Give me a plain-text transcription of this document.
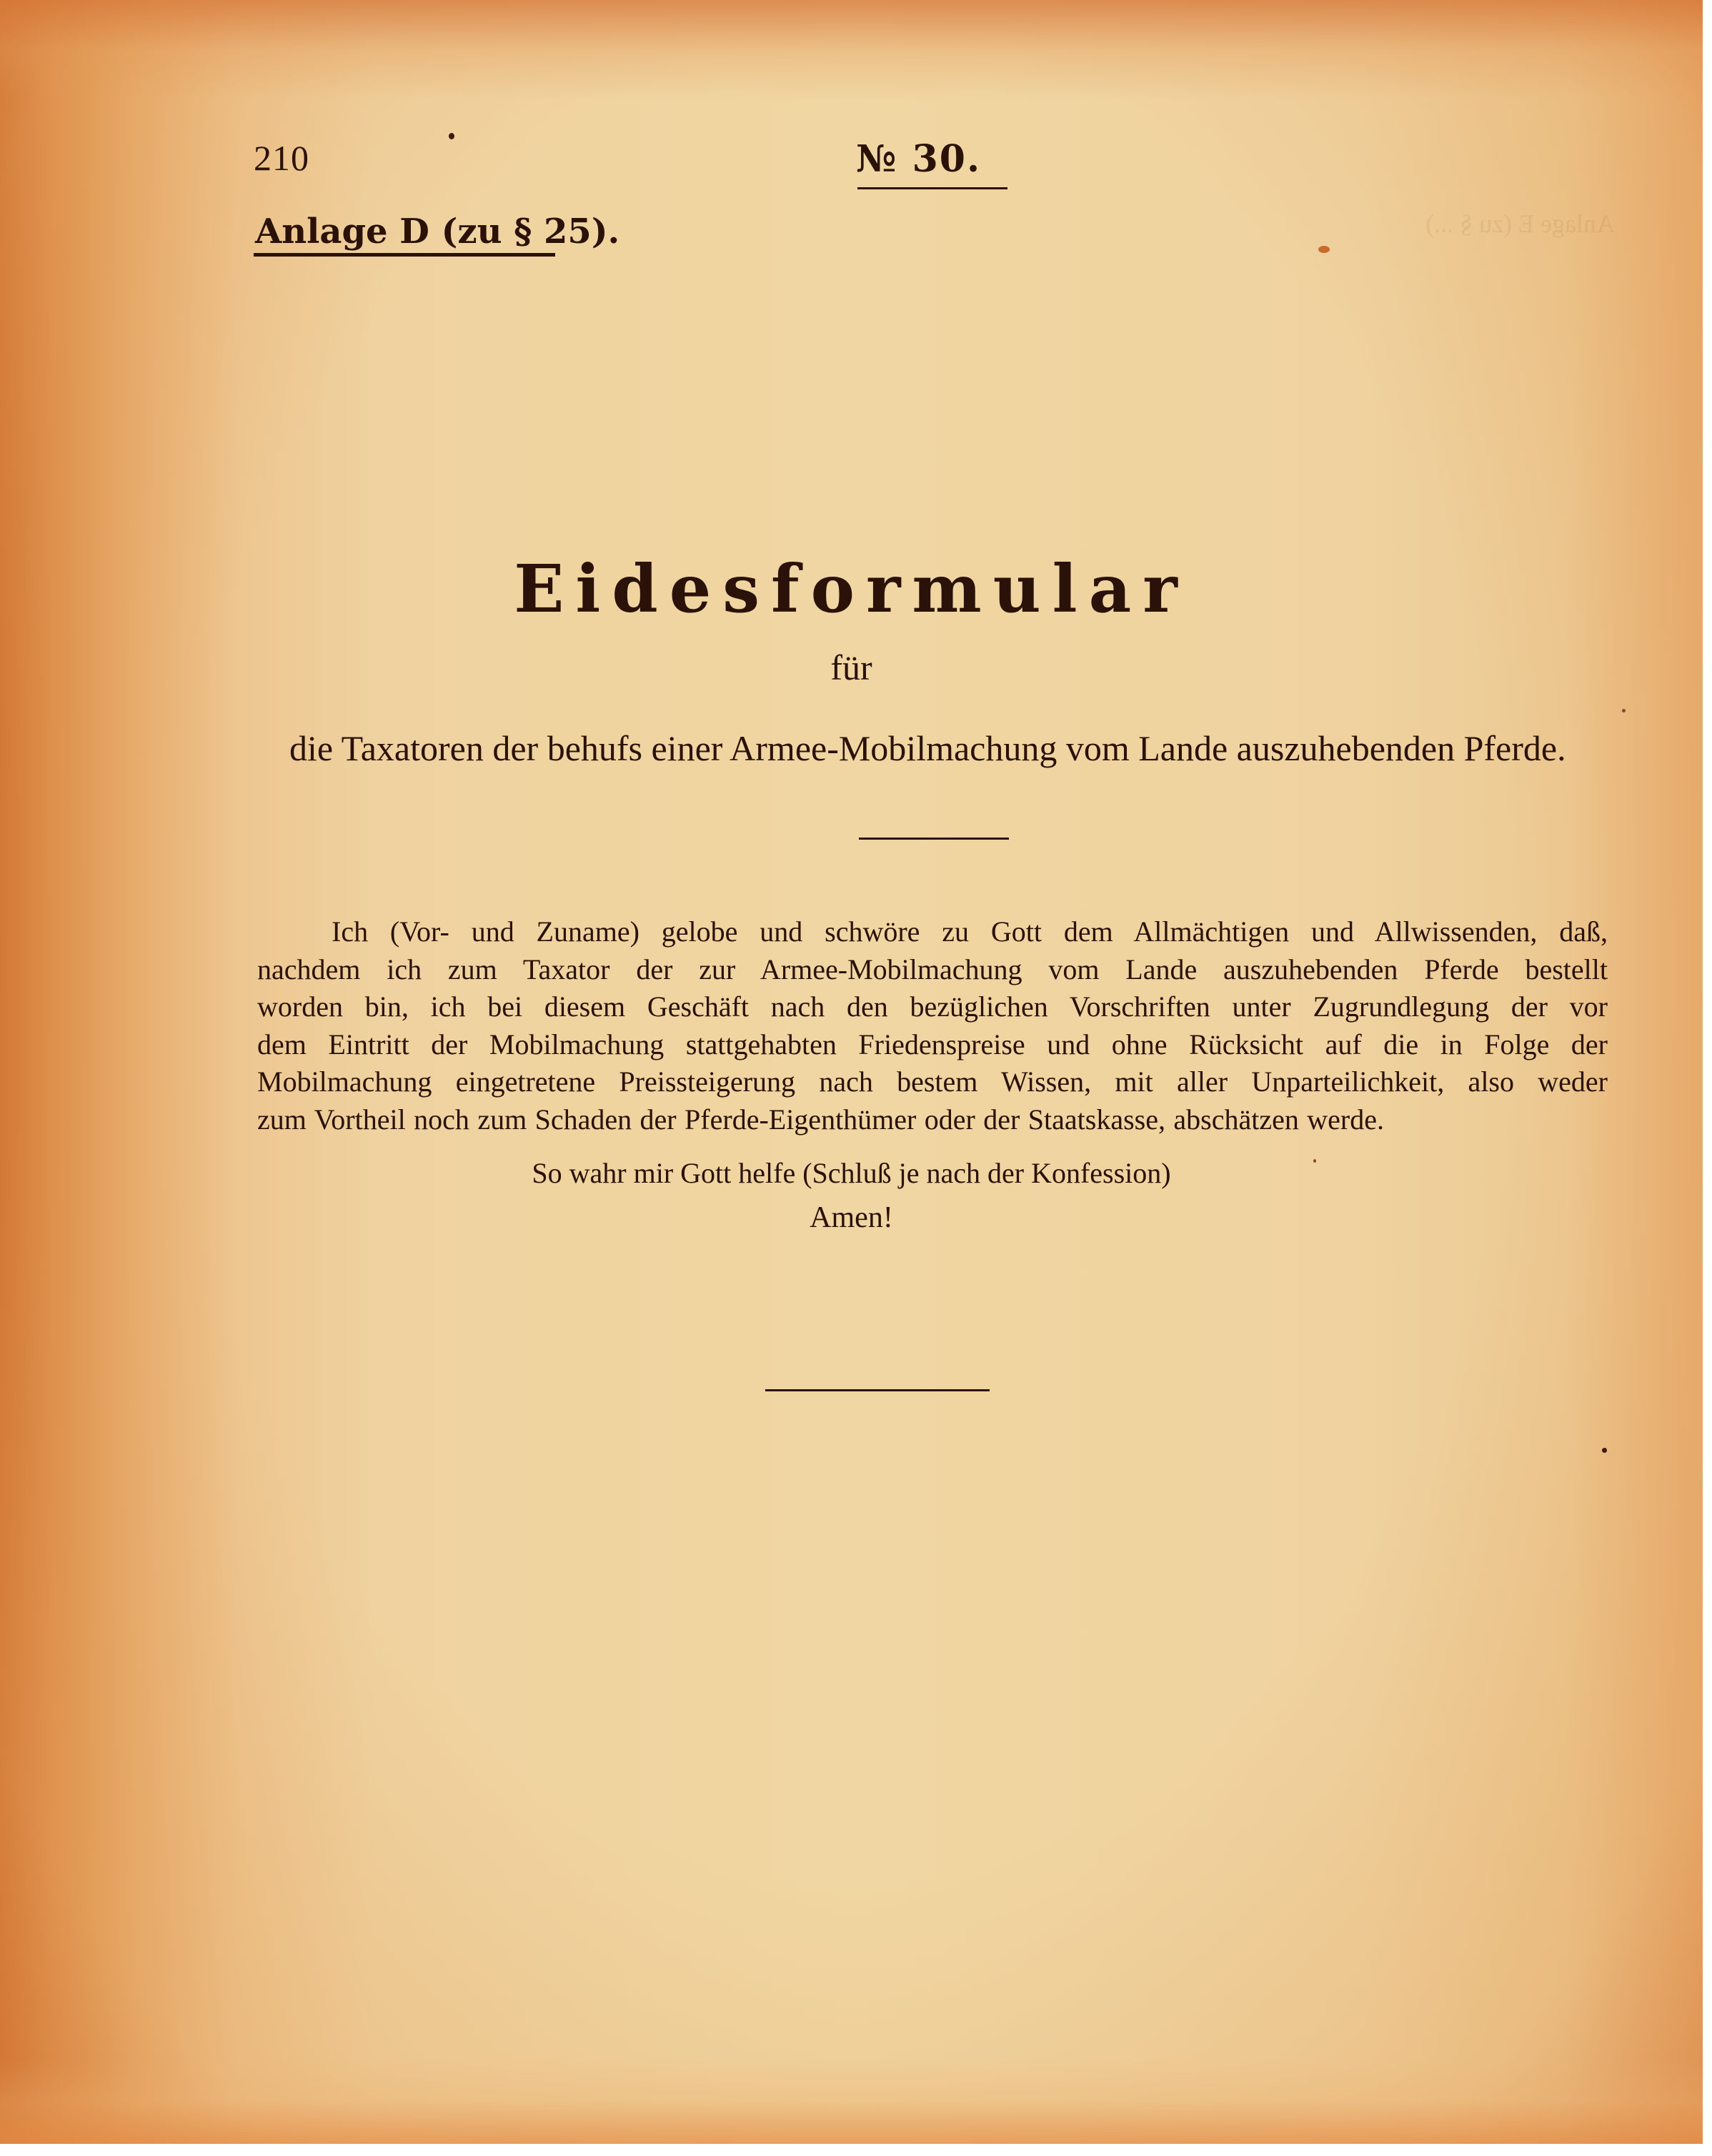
Anlage E (zu § ...)
210	№ 30.
Anlage D (zu § 25).
Eidesformular
für
die Taxatoren der behufs einer Armee-Mobilmachung vom Lande auszuhebenden Pferde.
Ich (Vor- und Zuname) gelobe und schwöre zu Gott dem Allmächtigen und Allwissenden, daß,
nachdem ich zum Taxator der zur Armee-Mobilmachung vom Lande auszuhebenden Pferde bestellt
worden bin, ich bei diesem Geschäft nach den bezüglichen Vorschriften unter Zugrundlegung der vor
dem Eintritt der Mobilmachung stattgehabten Friedenspreise und ohne Rücksicht auf die in Folge der
Mobilmachung eingetretene Preissteigerung nach bestem Wissen, mit aller Unparteilichkeit, also weder
zum Vortheil noch zum Schaden der Pferde-Eigenthümer oder der Staatskasse, abschätzen werde.
So wahr mir Gott helfe (Schluß je nach der Konfession)
Amen!
